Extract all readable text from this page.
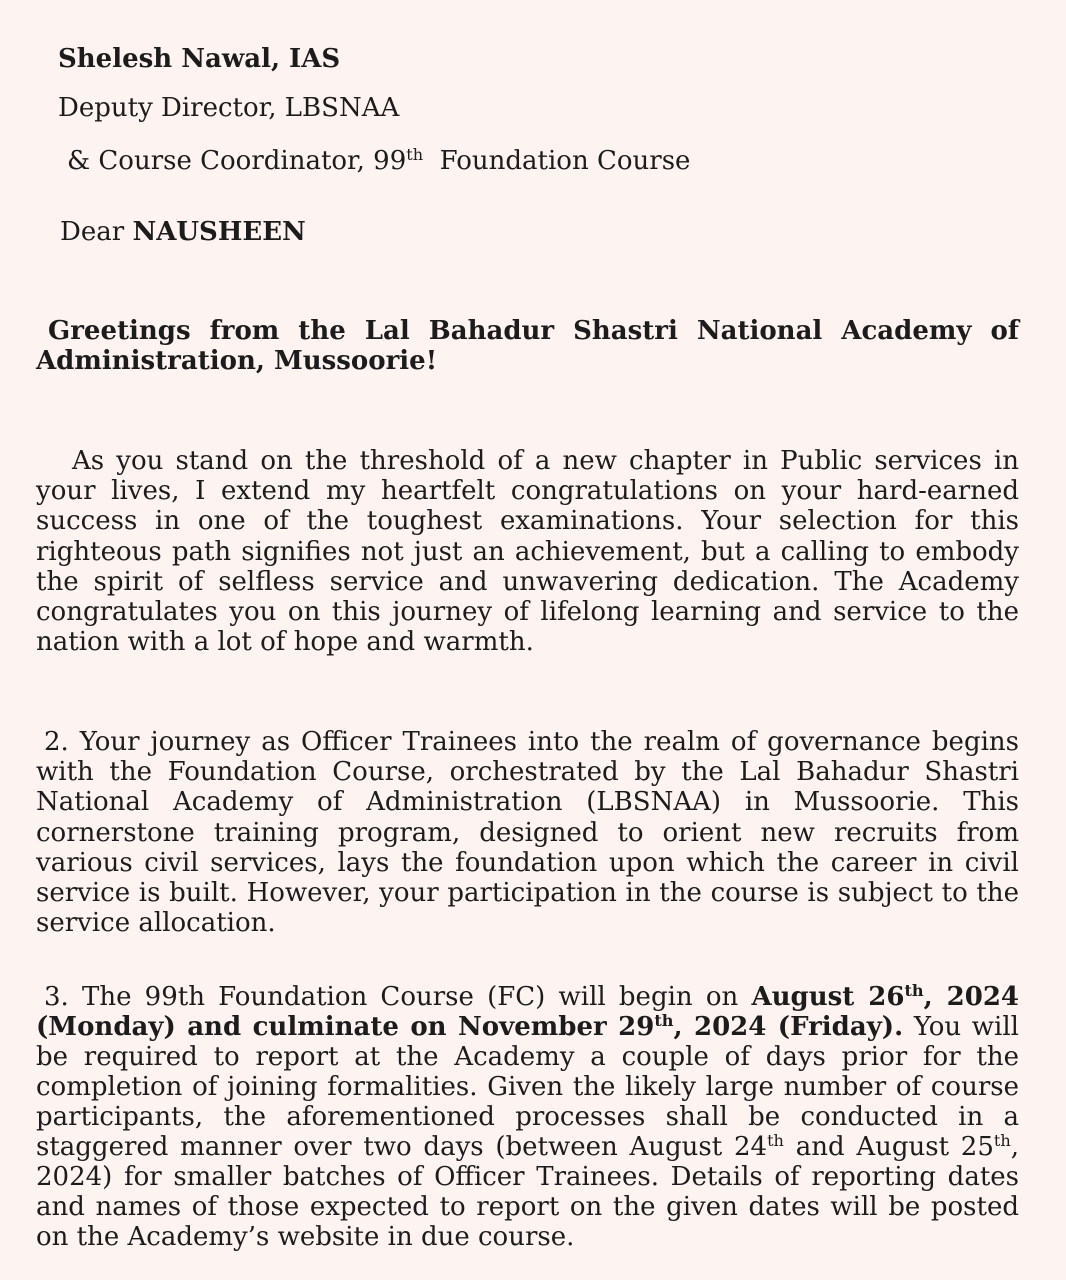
Shelesh Nawal, IAS

Deputy Director, LBSNAA

& Course Coordinator, 99th Foundation Course

Dear NAUSHEEN

Greetings from the Lal Bahadur Shastri National Academy of Administration, Mussoorie!

As you stand on the threshold of a new chapter in Public services in your lives, I extend my heartfelt congratulations on your hard-earned success in one of the toughest examinations. Your selection for this righteous path signifies not just an achievement, but a calling to embody the spirit of selfless service and unwavering dedication. The Academy congratulates you on this journey of lifelong learning and service to the nation with a lot of hope and warmth.

2. Your journey as Officer Trainees into the realm of governance begins with the Foundation Course, orchestrated by the Lal Bahadur Shastri National Academy of Administration (LBSNAA) in Mussoorie. This cornerstone training program, designed to orient new recruits from various civil services, lays the foundation upon which the career in civil service is built. However, your participation in the course is subject to the service allocation.

3. The 99th Foundation Course (FC) will begin on August 26th, 2024 (Monday) and culminate on November 29th, 2024 (Friday). You will be required to report at the Academy a couple of days prior for the completion of joining formalities. Given the likely large number of course participants, the aforementioned processes shall be conducted in a staggered manner over two days (between August 24th and August 25th, 2024) for smaller batches of Officer Trainees. Details of reporting dates and names of those expected to report on the given dates will be posted on the Academy’s website in due course.
